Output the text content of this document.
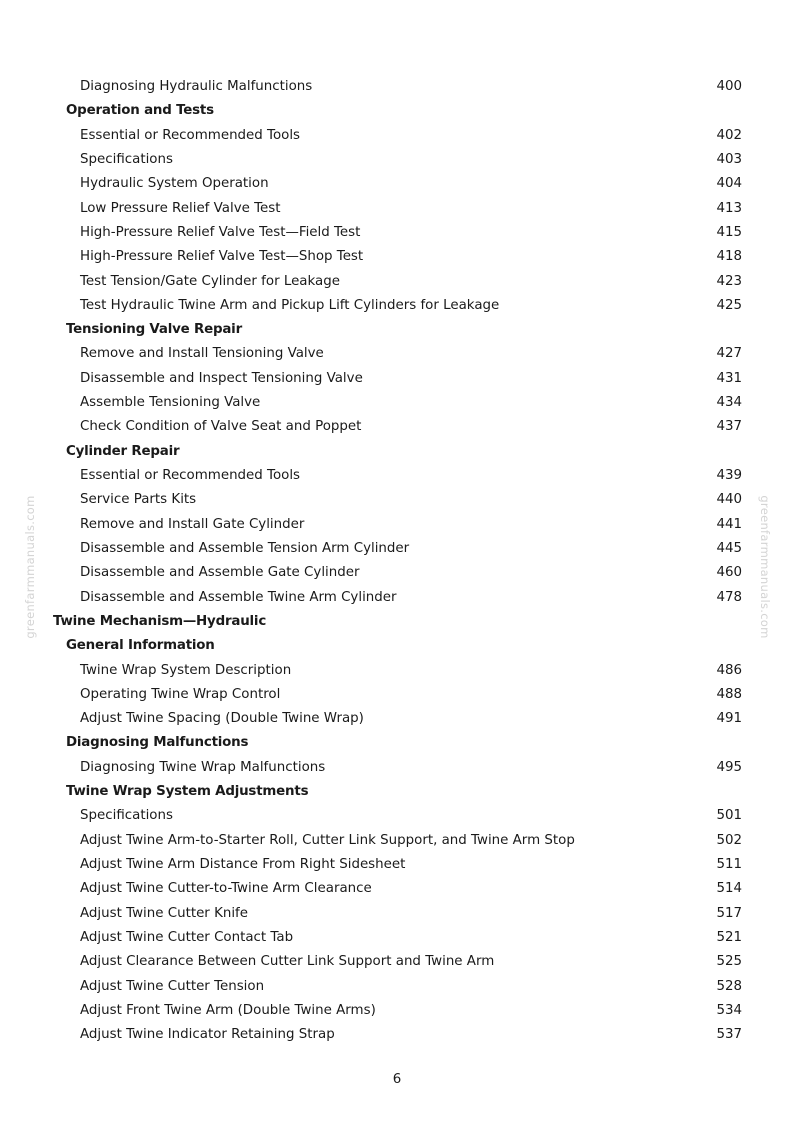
greenfarmmanuals.com	greenfarmmanuals.com
Diagnosing Hydraulic Malfunctions	400
Operation and Tests
Essential or Recommended Tools	402
Specifications	403
Hydraulic System Operation	404
Low Pressure Relief Valve Test	413
High-Pressure Relief Valve Test—Field Test	415
High-Pressure Relief Valve Test—Shop Test	418
Test Tension/Gate Cylinder for Leakage	423
Test Hydraulic Twine Arm and Pickup Lift Cylinders for Leakage	425
Tensioning Valve Repair
Remove and Install Tensioning Valve	427
Disassemble and Inspect Tensioning Valve	431
Assemble Tensioning Valve	434
Check Condition of Valve Seat and Poppet	437
Cylinder Repair
Essential or Recommended Tools	439
Service Parts Kits	440
Remove and Install Gate Cylinder	441
Disassemble and Assemble Tension Arm Cylinder	445
Disassemble and Assemble Gate Cylinder	460
Disassemble and Assemble Twine Arm Cylinder	478
Twine Mechanism—Hydraulic
General Information
Twine Wrap System Description	486
Operating Twine Wrap Control	488
Adjust Twine Spacing (Double Twine Wrap)	491
Diagnosing Malfunctions
Diagnosing Twine Wrap Malfunctions	495
Twine Wrap System Adjustments
Specifications	501
Adjust Twine Arm-to-Starter Roll, Cutter Link Support, and Twine Arm Stop	502
Adjust Twine Arm Distance From Right Sidesheet	511
Adjust Twine Cutter-to-Twine Arm Clearance	514
Adjust Twine Cutter Knife	517
Adjust Twine Cutter Contact Tab	521
Adjust Clearance Between Cutter Link Support and Twine Arm	525
Adjust Twine Cutter Tension	528
Adjust Front Twine Arm (Double Twine Arms)	534
Adjust Twine Indicator Retaining Strap	537
6
